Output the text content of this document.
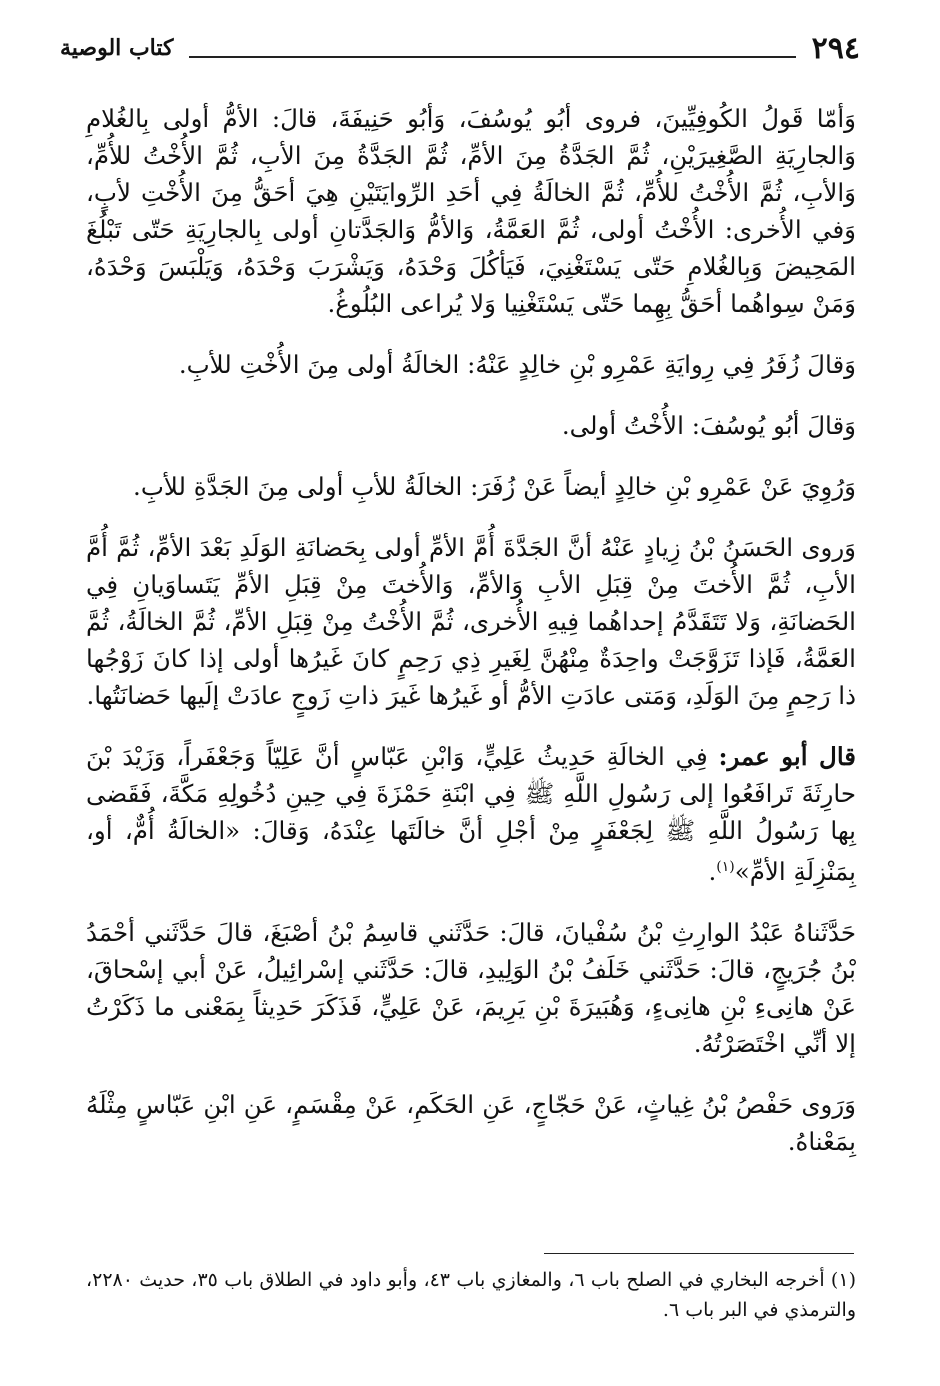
٢٩٤
كتاب الوصية

وَأمّا قَولُ الكُوفِيِّينَ، فروى أبُو يُوسُفَ، وَأبُو حَنِيفَةَ، قالَ: الأمُّ أولى بِالغُلامِ وَالجارِيَةِ الصَّغِيرَيْنِ، ثُمَّ الجَدَّةُ مِنَ الأمِّ، ثُمَّ الجَدَّةُ مِنَ الأبِ، ثُمَّ الأُخْتُ للأُمِّ، وَالأبِ، ثُمَّ الأُخْتُ للأُمِّ، ثُمَّ الخالَةُ فِي أحَدِ الرِّوايَتَيْنِ هِيَ أحَقُّ مِنَ الأُخْتِ لأبٍ، وَفي الأُخرى: الأُخْتُ أولى، ثُمَّ العَمَّةُ، وَالأمُّ وَالجَدَّتانِ أولى بِالجارِيَةِ حَتّى تَبْلُغَ المَحِيضَ وَبِالغُلامِ حَتّى يَسْتَغْنِيَ، فَيَأكُلَ وَحْدَهُ، وَيَشْرَبَ وَحْدَهُ، وَيَلْبَسَ وَحْدَهُ، وَمَنْ سِواهُما أحَقُّ بِهِما حَتّى يَسْتَغْنِيا وَلا يُراعى البُلُوغُ.

وَقالَ زُفَرُ فِي رِوايَةِ عَمْرِو بْنِ خالِدٍ عَنْهُ: الخالَةُ أولى مِنَ الأُخْتِ للأبِ.

وَقالَ أبُو يُوسُفَ: الأُخْتُ أولى.

وَرُوِيَ عَنْ عَمْرِو بْنِ خالِدٍ أيضاً عَنْ زُفَرَ: الخالَةُ للأبِ أولى مِنَ الجَدَّةِ للأبِ.

وَروى الحَسَنُ بْنُ زِيادٍ عَنْهُ أنَّ الجَدَّةَ أُمَّ الأمِّ أولى بِحَضانَةِ الوَلَدِ بَعْدَ الأمِّ، ثُمَّ أُمَّ الأبِ، ثُمَّ الأُختَ مِنْ قِبَلِ الأبِ وَالأمِّ، وَالأُختَ مِنْ قِبَلِ الأمِّ يَتَساوَيانِ فِي الحَضانَةِ، وَلا تَتَقَدَّمُ إحداهُما فِيهِ الأُخرى، ثُمَّ الأُخْتُ مِنْ قِبَلِ الأمِّ، ثُمَّ الخالَةُ، ثُمَّ العَمَّةُ، فَإذا تَزَوَّجَتْ واحِدَةٌ مِنْهُنَّ لِغَيرِ ذِي رَحِمٍ كانَ غَيرُها أولى إذا كانَ زَوْجُها ذا رَحِمٍ مِنَ الوَلَدِ، وَمَتى عادَتِ الأمُّ أو غَيرُها غَيرَ ذاتِ زَوجٍ عادَتْ إلَيها حَضانَتُها.

قال أبو عمر: فِي الخالَةِ حَدِيثُ عَلِيٍّ، وَابْنِ عَبّاسٍ أنَّ عَلِيّاً وَجَعْفَراً، وَزَيْدَ بْنَ حارِثَةَ تَرافَعُوا إلى رَسُولِ اللَّهِ ﷺ فِي ابْنَةِ حَمْزَةَ فِي حِينِ دُخُولِهِ مَكَّةَ، فَقَضى بِها رَسُولُ اللَّهِ ﷺ لِجَعْفَرٍ مِنْ أجْلِ أنَّ خالَتَها عِنْدَهُ، وَقالَ: «الخالَةُ أُمٌّ، أو، بِمَنْزِلَةِ الأمِّ»$^{(١)}$.

حَدَّثَناهُ عَبْدُ الوارِثِ بْنُ سُفْيانَ، قالَ: حَدَّثَني قاسِمُ بْنُ أصْبَغَ، قالَ حَدَّثَني أحْمَدُ بْنُ جُرَيجٍ، قالَ: حَدَّثَني خَلَفُ بْنُ الوَلِيدِ، قالَ: حَدَّثَني إسْرائِيلُ، عَنْ أبي إسْحاقَ، عَنْ هانِىءِ بْنِ هانِىءٍ، وَهُبَيرَةَ بْنِ يَرِيمَ، عَنْ عَلِيٍّ، فَذَكَرَ حَدِيثاً بِمَعْنى ما ذَكَرْتُ إلا أنِّي اخْتَصَرْتُهُ.

وَرَوى حَفْصُ بْنُ غِياثٍ، عَنْ حَجّاجٍ، عَنِ الحَكَمِ، عَنْ مِقْسَمٍ، عَنِ ابْنِ عَبّاسٍ مِثْلَهُ بِمَعْناهُ.

(١) أخرجه البخاري في الصلح باب ٦، والمغازي باب ٤٣، وأبو داود في الطلاق باب ٣٥، حديث ٢٢٨٠، والترمذي في البر باب ٦.
